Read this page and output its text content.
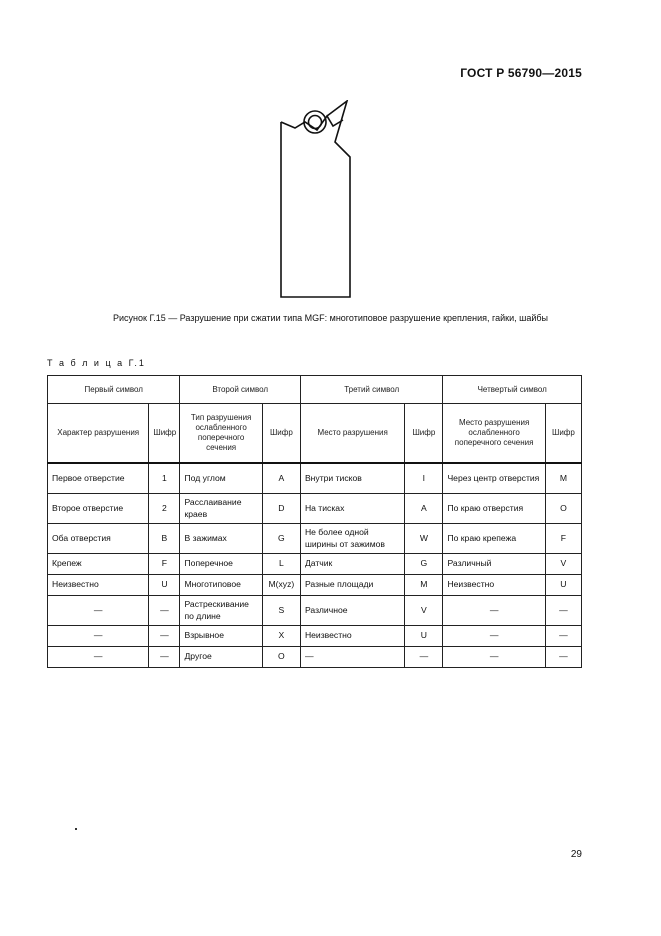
ГОСТ Р 56790—2015
Рисунок Г.15 — Разрушение при сжатии типа MGF: многотиповое разрушение крепления, гайки, шайбы
Т а б л и ц а Г.1
Первый символ		Второй символ		Третий символ		Четвертый символ	
Характер разрушения	Шифр	Тип разрушения ослабленного поперечного сечения	Шифр	Место разрушения	Шифр	Место разрушения ослабленного поперечного сечения	Шифр
Первое отверстие	1	Под углом	A	Внутри тисков	I	Через центр отверстия	M
Второе отверстие	2	Расслаивание краев	D	На тисках	A	По краю отверстия	O
Оба отверстия	B	В зажимах	G	Не более одной ширины от зажимов	W	По краю крепежа	F
Крепеж	F	Поперечное	L	Датчик	G	Различный	V
Неизвестно	U	Многотиповое	M(xyz)	Разные площади	M	Неизвестно	U
—	—	Растрескивание по длине	S	Различное	V	—	—
—	—	Взрывное	X	Неизвестно	U	—	—
—	—	Другое	O	—	—	—	—
29
